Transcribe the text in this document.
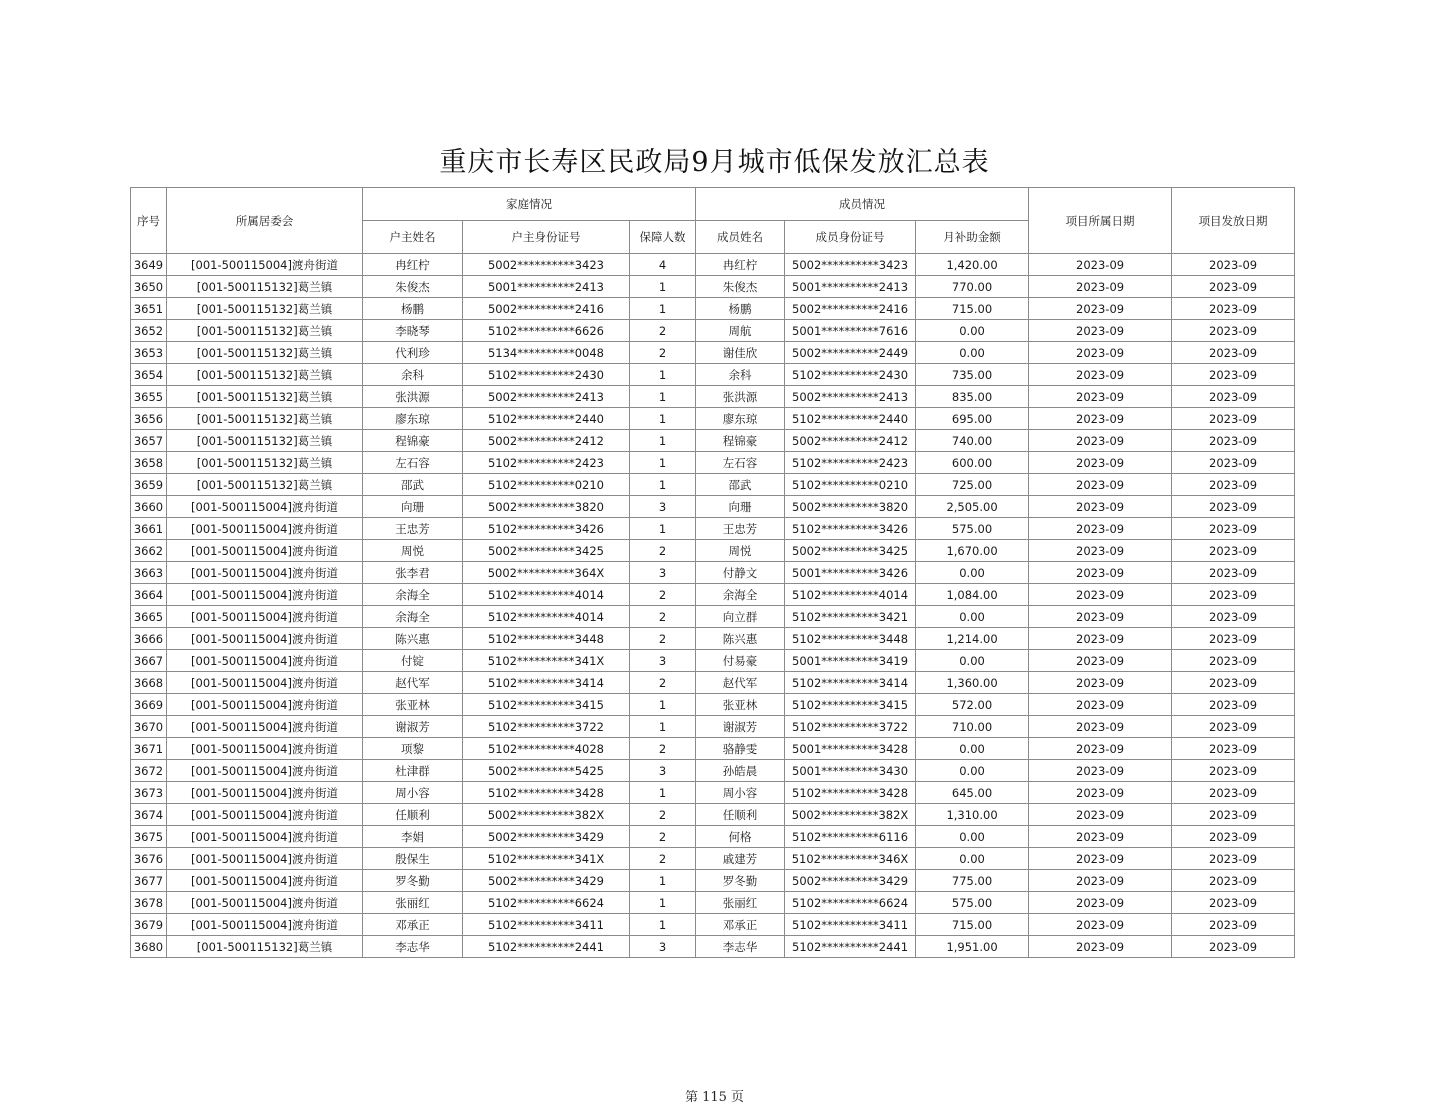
重庆市长寿区民政局9月城市低保发放汇总表
序号	所属居委会	家庭情况			成员情况			项目所属日期	项目发放日期
		户主姓名	户主身份证号	保障人数	成员姓名	成员身份证号	月补助金额		
3649	[001-500115004]渡舟街道	冉红柠	5002**********3423	4	冉红柠	5002**********3423	1,420.00	2023-09	2023-09
3650	[001-500115132]葛兰镇	朱俊杰	5001**********2413	1	朱俊杰	5001**********2413	770.00	2023-09	2023-09
3651	[001-500115132]葛兰镇	杨鹏	5002**********2416	1	杨鹏	5002**********2416	715.00	2023-09	2023-09
3652	[001-500115132]葛兰镇	李晓琴	5102**********6626	2	周航	5001**********7616	0.00	2023-09	2023-09
3653	[001-500115132]葛兰镇	代利珍	5134**********0048	2	谢佳欣	5002**********2449	0.00	2023-09	2023-09
3654	[001-500115132]葛兰镇	余科	5102**********2430	1	余科	5102**********2430	735.00	2023-09	2023-09
3655	[001-500115132]葛兰镇	张洪源	5002**********2413	1	张洪源	5002**********2413	835.00	2023-09	2023-09
3656	[001-500115132]葛兰镇	廖东琼	5102**********2440	1	廖东琼	5102**********2440	695.00	2023-09	2023-09
3657	[001-500115132]葛兰镇	程锦豪	5002**********2412	1	程锦豪	5002**********2412	740.00	2023-09	2023-09
3658	[001-500115132]葛兰镇	左石容	5102**********2423	1	左石容	5102**********2423	600.00	2023-09	2023-09
3659	[001-500115132]葛兰镇	邵武	5102**********0210	1	邵武	5102**********0210	725.00	2023-09	2023-09
3660	[001-500115004]渡舟街道	向珊	5002**********3820	3	向珊	5002**********3820	2,505.00	2023-09	2023-09
3661	[001-500115004]渡舟街道	王忠芳	5102**********3426	1	王忠芳	5102**********3426	575.00	2023-09	2023-09
3662	[001-500115004]渡舟街道	周悦	5002**********3425	2	周悦	5002**********3425	1,670.00	2023-09	2023-09
3663	[001-500115004]渡舟街道	张李君	5002**********364X	3	付静文	5001**********3426	0.00	2023-09	2023-09
3664	[001-500115004]渡舟街道	余海全	5102**********4014	2	余海全	5102**********4014	1,084.00	2023-09	2023-09
3665	[001-500115004]渡舟街道	余海全	5102**********4014	2	向立群	5102**********3421	0.00	2023-09	2023-09
3666	[001-500115004]渡舟街道	陈兴惠	5102**********3448	2	陈兴惠	5102**********3448	1,214.00	2023-09	2023-09
3667	[001-500115004]渡舟街道	付锭	5102**********341X	3	付易豪	5001**********3419	0.00	2023-09	2023-09
3668	[001-500115004]渡舟街道	赵代军	5102**********3414	2	赵代军	5102**********3414	1,360.00	2023-09	2023-09
3669	[001-500115004]渡舟街道	张亚林	5102**********3415	1	张亚林	5102**********3415	572.00	2023-09	2023-09
3670	[001-500115004]渡舟街道	谢淑芳	5102**********3722	1	谢淑芳	5102**********3722	710.00	2023-09	2023-09
3671	[001-500115004]渡舟街道	项黎	5102**********4028	2	骆静雯	5001**********3428	0.00	2023-09	2023-09
3672	[001-500115004]渡舟街道	杜津群	5002**********5425	3	孙皓晨	5001**********3430	0.00	2023-09	2023-09
3673	[001-500115004]渡舟街道	周小容	5102**********3428	1	周小容	5102**********3428	645.00	2023-09	2023-09
3674	[001-500115004]渡舟街道	任顺利	5002**********382X	2	任顺利	5002**********382X	1,310.00	2023-09	2023-09
3675	[001-500115004]渡舟街道	李娟	5002**********3429	2	何格	5102**********6116	0.00	2023-09	2023-09
3676	[001-500115004]渡舟街道	殷保生	5102**********341X	2	戚建芳	5102**********346X	0.00	2023-09	2023-09
3677	[001-500115004]渡舟街道	罗冬勤	5002**********3429	1	罗冬勤	5002**********3429	775.00	2023-09	2023-09
3678	[001-500115004]渡舟街道	张丽红	5102**********6624	1	张丽红	5102**********6624	575.00	2023-09	2023-09
3679	[001-500115004]渡舟街道	邓承正	5102**********3411	1	邓承正	5102**********3411	715.00	2023-09	2023-09
3680	[001-500115132]葛兰镇	李志华	5102**********2441	3	李志华	5102**********2441	1,951.00	2023-09	2023-09
第 115 页
